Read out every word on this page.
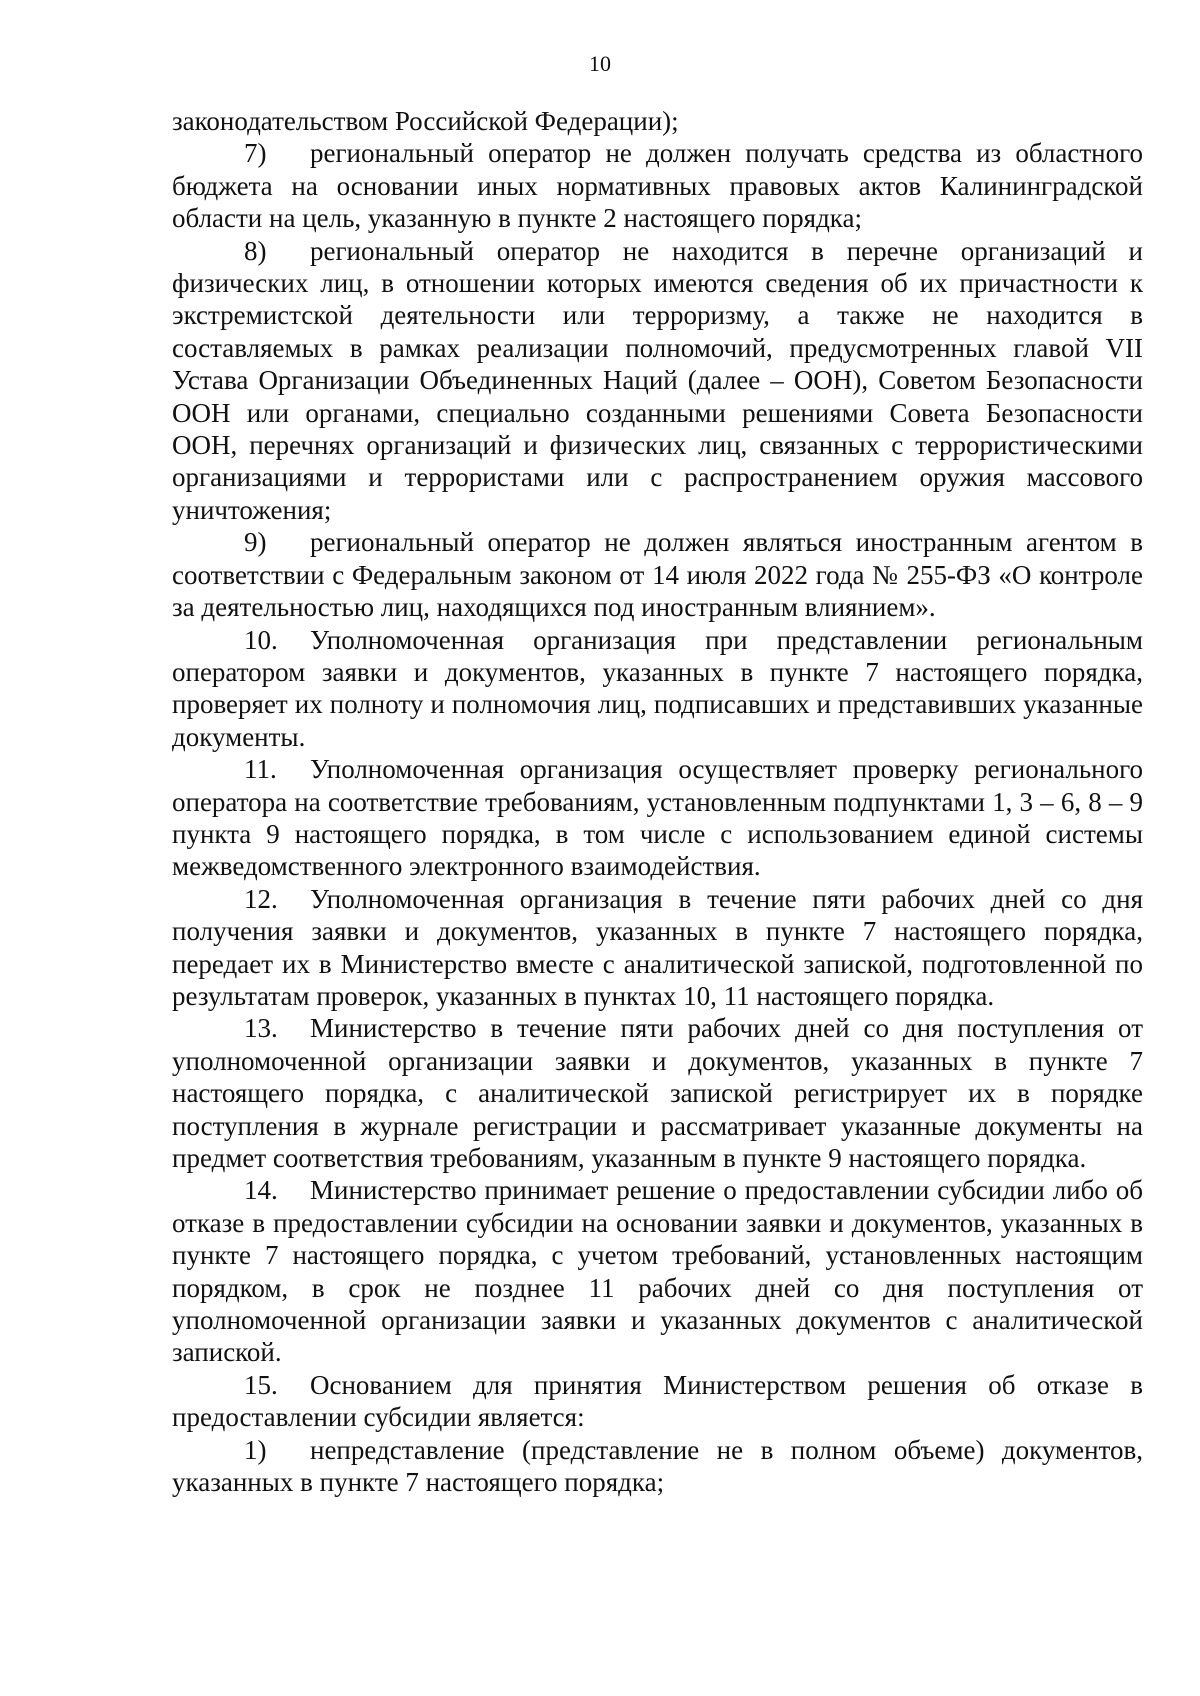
10

законодательством Российской Федерации);

7) региональный оператор не должен получать средства из областного бюджета на основании иных нормативных правовых актов Калининградской области на цель, указанную в пункте 2 настоящего порядка;

8) региональный оператор не находится в перечне организаций и физических лиц, в отношении которых имеются сведения об их причастности к экстремистской деятельности или терроризму, а также не находится в составляемых в рамках реализации полномочий, предусмотренных главой VII Устава Организации Объединенных Наций (далее – ООН), Советом Безопасности ООН или органами, специально созданными решениями Совета Безопасности ООН, перечнях организаций и физических лиц, связанных с террористическими организациями и террористами или с распространением оружия массового уничтожения;

9) региональный оператор не должен являться иностранным агентом в соответствии с Федеральным законом от 14 июля 2022 года № 255-ФЗ «О контроле за деятельностью лиц, находящихся под иностранным влиянием».

10. Уполномоченная организация при представлении региональным оператором заявки и документов, указанных в пункте 7 настоящего порядка, проверяет их полноту и полномочия лиц, подписавших и представивших указанные документы.

11. Уполномоченная организация осуществляет проверку регионального оператора на соответствие требованиям, установленным подпунктами 1, 3 – 6, 8 – 9 пункта 9 настоящего порядка, в том числе с использованием единой системы межведомственного электронного взаимодействия.

12. Уполномоченная организация в течение пяти рабочих дней со дня получения заявки и документов, указанных в пункте 7 настоящего порядка, передает их в Министерство вместе с аналитической запиской, подготовленной по результатам проверок, указанных в пунктах 10, 11 настоящего порядка.

13. Министерство в течение пяти рабочих дней со дня поступления от уполномоченной организации заявки и документов, указанных в пункте 7 настоящего порядка, с аналитической запиской регистрирует их в порядке поступления в журнале регистрации и рассматривает указанные документы на предмет соответствия требованиям, указанным в пункте 9 настоящего порядка.

14. Министерство принимает решение о предоставлении субсидии либо об отказе в предоставлении субсидии на основании заявки и документов, указанных в пункте 7 настоящего порядка, с учетом требований, установленных настоящим порядком, в срок не позднее 11 рабочих дней со дня поступления от уполномоченной организации заявки и указанных документов с аналитической запиской.

15. Основанием для принятия Министерством решения об отказе в предоставлении субсидии является:

1) непредставление (представление не в полном объеме) документов, указанных в пункте 7 настоящего порядка;
